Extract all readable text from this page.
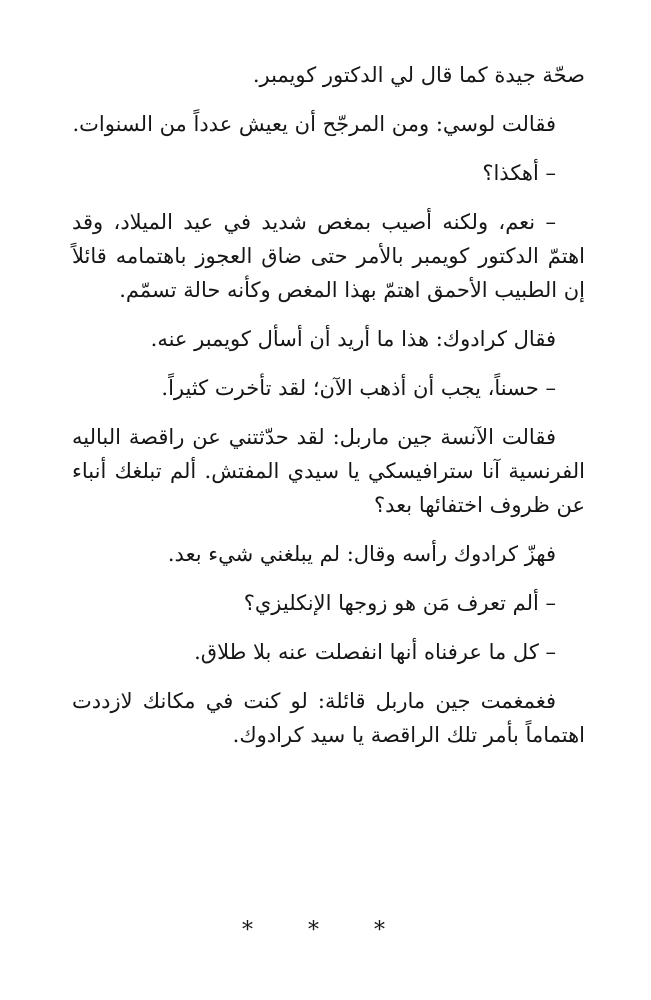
صحّة جيدة كما قال لي الدكتور كويمبر.

فقالت لوسي: ومن المرجّح أن يعيش عدداً من السنوات.

– أهكذا؟

– نعم، ولكنه أصيب بمغص شديد في عيد الميلاد، وقد اهتمّ الدكتور كويمبر بالأمر حتى ضاق العجوز باهتمامه قائلاً إن الطبيب الأحمق اهتمّ بهذا المغص وكأنه حالة تسمّم.

فقال كرادوك: هذا ما أريد أن أسأل كويمبر عنه.

– حسناً، يجب أن أذهب الآن؛ لقد تأخرت كثيراً.

فقالت الآنسة جين ماربل: لقد حدّثتني عن راقصة الباليه الفرنسية آنا سترافيسكي يا سيدي المفتش. ألم تبلغك أنباء عن ظروف اختفائها بعد؟

فهزّ كرادوك رأسه وقال: لم يبلغني شيء بعد.

– ألم تعرف مَن هو زوجها الإنكليزي؟

– كل ما عرفناه أنها انفصلت عنه بلا طلاق.

فغمغمت جين ماربل قائلة: لو كنت في مكانك لازددت اهتماماً بأمر تلك الراقصة يا سيد كرادوك.

* * *
